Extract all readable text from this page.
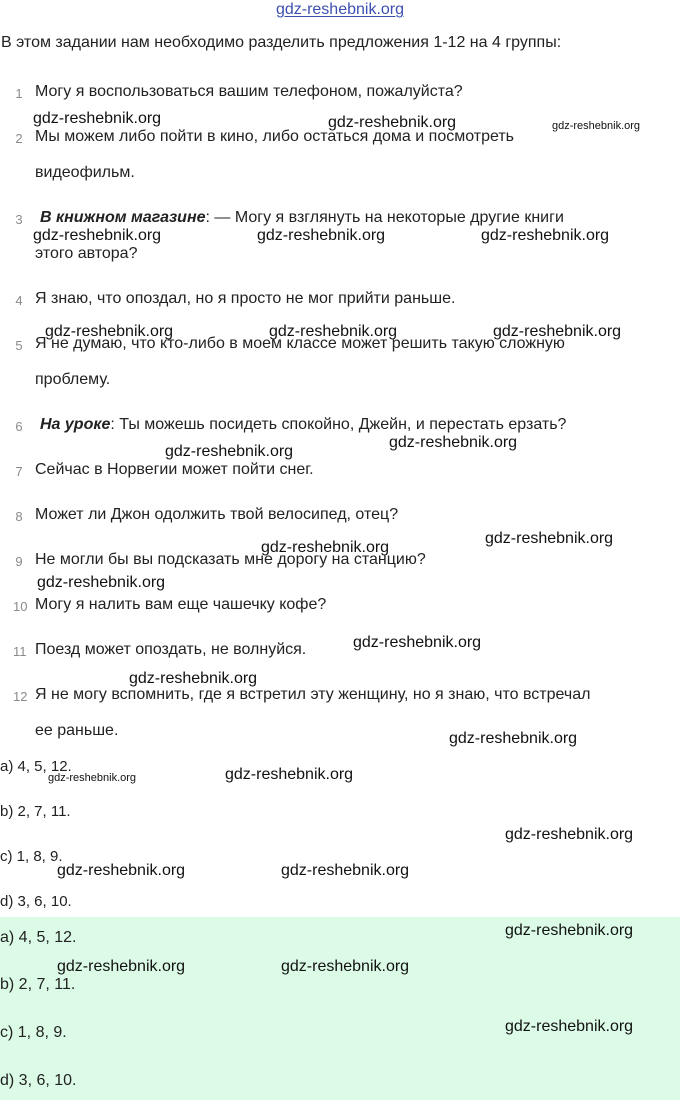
gdz-reshebnik.org
В этом задании нам необходимо разделить предложения 1-12 на 4 группы:
1 Могу я воспользоваться вашим телефоном, пожалуйста?
2 Мы можем либо пойти в кино, либо остаться дома и посмотреть
видеофильм.
3 В книжном магазине: — Могу я взглянуть на некоторые другие книги
этого автора?
4 Я знаю, что опоздал, но я просто не мог прийти раньше.
5 Я не думаю, что кто-либо в моем классе может решить такую сложную
проблему.
6 На уроке: Ты можешь посидеть спокойно, Джейн, и перестать ерзать?
7 Сейчас в Норвегии может пойти снег.
8 Может ли Джон одолжить твой велосипед, отец?
9 Не могли бы вы подсказать мне дорогу на станцию?
10 Могу я налить вам еще чашечку кофе?
11 Поезд может опоздать, не волнуйся.
12 Я не могу вспомнить, где я встретил эту женщину, но я знаю, что встречал
ее раньше.
a) 4, 5, 12.
b) 2, 7, 11.
c) 1, 8, 9.
d) 3, 6, 10.
a) 4, 5, 12.
b) 2, 7, 11.
c) 1, 8, 9.
d) 3, 6, 10.
gdz-reshebnik.org	gdz-reshebnik.org	gdz-reshebnik.org
gdz-reshebnik.org	gdz-reshebnik.org	gdz-reshebnik.org
gdz-reshebnik.org	gdz-reshebnik.org	gdz-reshebnik.org
gdz-reshebnik.org
gdz-reshebnik.org
gdz-reshebnik.org
gdz-reshebnik.org
gdz-reshebnik.org
gdz-reshebnik.org
gdz-reshebnik.org
gdz-reshebnik.org
gdz-reshebnik.org	gdz-reshebnik.org
gdz-reshebnik.org
gdz-reshebnik.org	gdz-reshebnik.org
gdz-reshebnik.org
gdz-reshebnik.org	gdz-reshebnik.org
gdz-reshebnik.org
